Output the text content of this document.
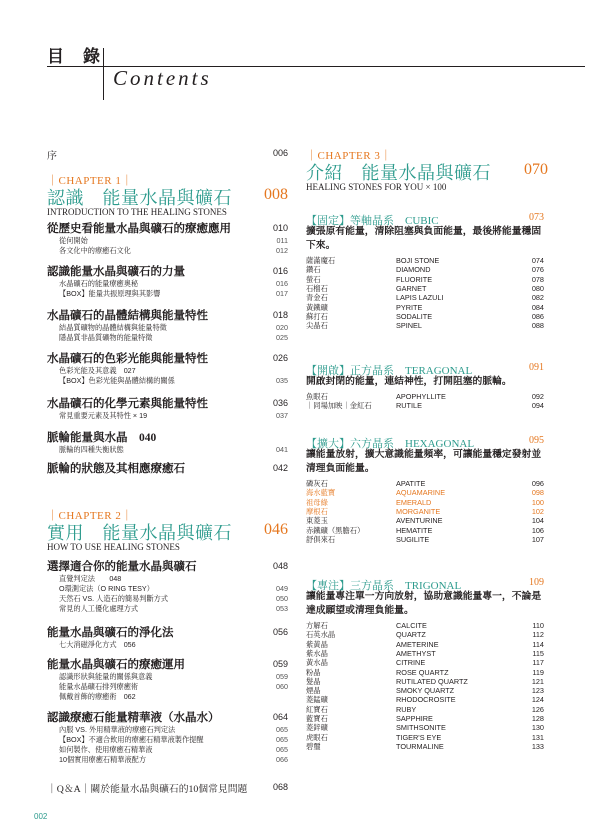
目　錄
Contents
序	006
｜CHAPTER 1｜
認識　能量水晶與礦石	008
INTRODUCTION TO THE HEALING STONES
從歷史看能量水晶與礦石的療癒應用	010
從何開始	011
各文化中的療癒石文化	012
認識能量水晶與礦石的力量	016
水晶礦石的能量療癒奧秘	016
【BOX】能量共振原理與其影響	017
水晶礦石的晶體結構與能量特性	018
結晶質礦物的晶體結構與能量特徵	020
隱晶質非晶質礦物的能量特徵	025
水晶礦石的色彩光能與能量特性	026
色彩光能及其意義　027
【BOX】色彩光能與晶體結構的關係	035
水晶礦石的化學元素與能量特性	036
常見重要元素及其特性 × 19	037
脈輪能量與水晶　040
脈輪的四種失衡狀態	041
脈輪的狀態及其相應療癒石	042
｜CHAPTER 2｜
實用　能量水晶與礦石	046
HOW TO USE HEALING STONES
選擇適合你的能量水晶與礦石	048
直覺判定法　　048
O環測定法（O RING TESY）	049
天然石 VS. 人造石的簡易判斷方式	050
常見的人工優化處理方式	053
能量水晶與礦石的淨化法	056
七大消磁淨化方式　056
能量水晶與礦石的療癒運用	059
認識形狀與能量的關係與意義	059
能量水晶礦石排列療癒術	060
佩戴首飾的療癒術　062
認識療癒石能量精華液（水晶水）	064
內服 VS. 外用精華液的療癒石判定法	065
【BOX】不適合飲用的療癒石精華液製作提醒	065
如何製作、使用療癒石精華液	065
10個實用療癒石精華液配方	066
｜Q＆A｜關於能量水晶與礦石的10個常見問題	068
｜CHAPTER 3｜
介紹　能量水晶與礦石	070
HEALING STONES FOR YOU × 100
【固定】等軸晶系　CUBIC	073
擴張原有能量，清除阻塞與負面能量，最後將能量穩固下來。
薩滿魔石	BOJI STONE	074
鑽石	DIAMOND	076
螢石	FLUORITE	078
石榴石	GARNET	080
青金石	LAPIS LAZULI	082
黃鐵礦	PYRITE	084
蘇打石	SODALITE	086
尖晶石	SPINEL	088
【開啟】正方晶系　TERAGONAL	091
開啟封閉的能量，連結神性，打開阻塞的脈輪。
魚眼石	APOPHYLLITE	092
｜同場加映｜金紅石	RUTILE	094
【擴大】六方晶系　HEXAGONAL	095
讓能量放射，擴大意識能量頻率，可讓能量穩定發射並清理負面能量。
磷灰石	APATITE	096
海水藍寶	AQUAMARINE	098
祖母綠	EMERALD	100
摩根石	MORGANITE	102
東菱玉	AVENTURINE	104
赤鐵礦（黑膽石）	HEMATITE	106
舒俱來石	SUGILITE	107
【專注】三方晶系　TRIGONAL	109
讓能量專注單一方向放射，協助意識能量專一，不論是達成願望或清理負能量。
方解石	CALCITE	110
石英水晶	QUARTZ	112
紫黃晶	AMETERINE	114
紫水晶	AMETHYST	115
黃水晶	CITRINE	117
粉晶	ROSE QUARTZ	119
髮晶	RUTILATED QUARTZ	121
煙晶	SMOKY QUARTZ	123
菱錳礦	RHODOCROSITE	124
紅寶石	RUBY	126
藍寶石	SAPPHIRE	128
菱鋅礦	SMITHSONITE	130
虎眼石	TIGER'S EYE	131
碧璽	TOURMALINE	133
002
